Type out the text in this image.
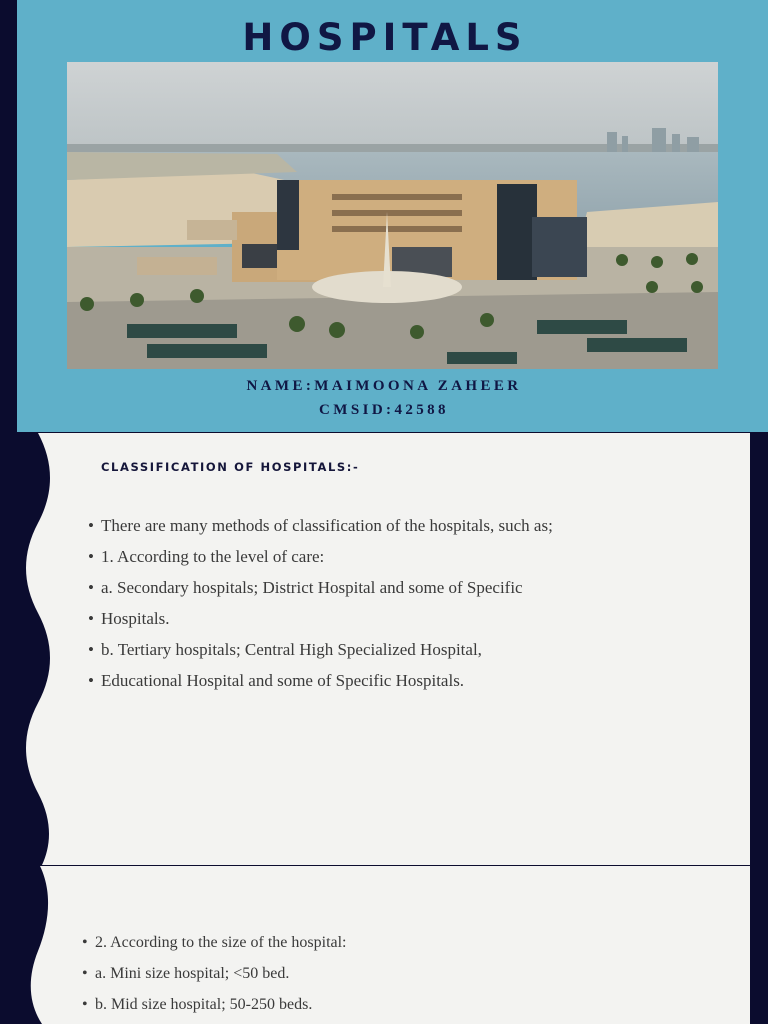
HOSPITALS
NAME:MAIMOONA ZAHEER
CMSID:42588
CLASSIFICATION OF HOSPITALS:-
• There are many methods of classification of the hospitals, such as;
• 1. According to the level of care:
• a. Secondary hospitals; District Hospital and some of Specific
• Hospitals.
• b. Tertiary hospitals; Central High Specialized Hospital,
• Educational Hospital and some of Specific Hospitals.
• 2. According to the size of the hospital:
• a. Mini size hospital; <50 bed.
• b. Mid size hospital; 50-250 beds.
